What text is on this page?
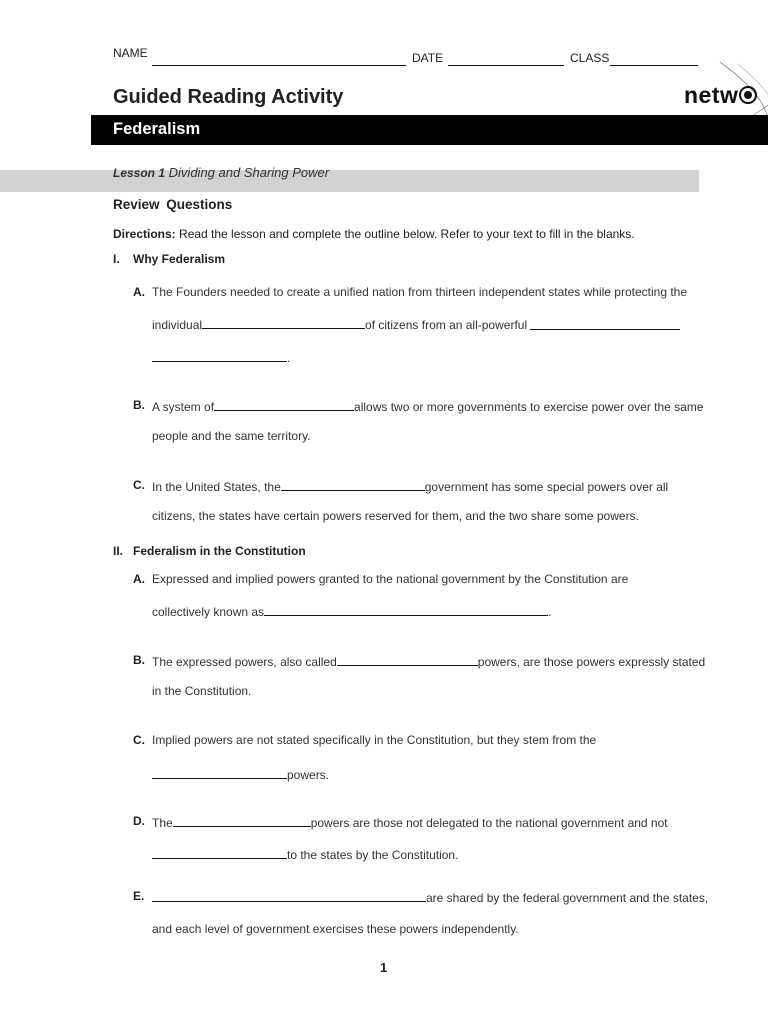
NAME	DATE	CLASS
Guided Reading Activity	netw
Federalism
Lesson 1 Dividing and Sharing Power
Review Questions
Directions: Read the lesson and complete the outline below. Refer to your text to fill in the blanks.
I. Why Federalism
A. The Founders needed to create a unified nation from thirteen independent states while protecting the
individual	of citizens from an all-powerful
.
B. A system of	allows two or more governments to exercise power over the same
people and the same territory.
C. In the United States, the	government has some special powers over all
citizens, the states have certain powers reserved for them, and the two share some powers.
II. Federalism in the Constitution
A. Expressed and implied powers granted to the national government by the Constitution are
collectively known as	.
B. The expressed powers, also called	powers, are those powers expressly stated
in the Constitution.
C. Implied powers are not stated specifically in the Constitution, but they stem from the
powers.
D. The	powers are those not delegated to the national government and not
to the states by the Constitution.
E.	are shared by the federal government and the states,
and each level of government exercises these powers independently.
1
